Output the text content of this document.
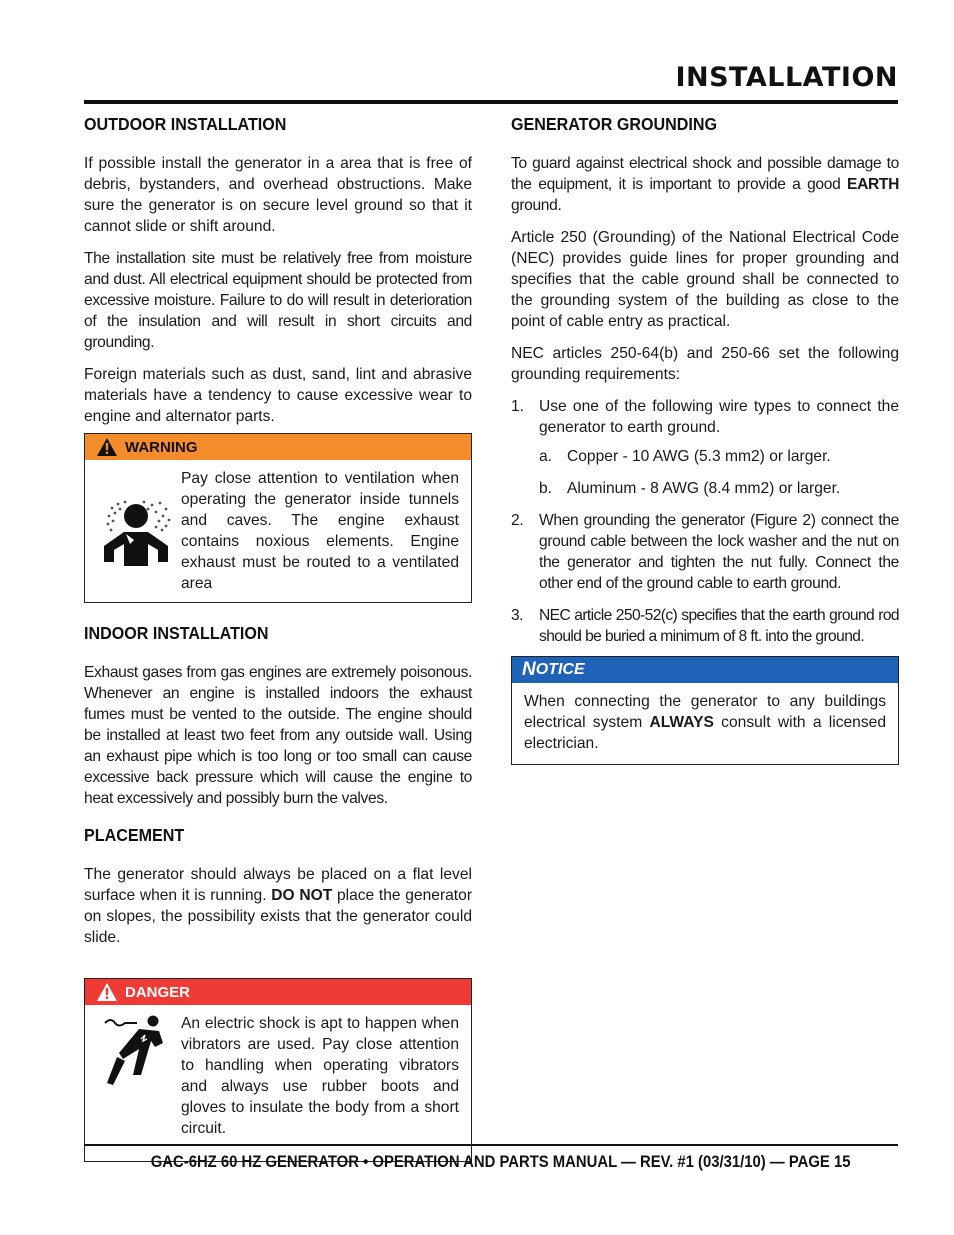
INSTALLATION
OUTDOOR INSTALLATION

If possible install the generator in a area that is free of debris, bystanders, and overhead obstructions. Make sure the generator is on secure level ground so that it cannot slide or shift around.

The installation site must be relatively free from moisture and dust. All electrical equipment should be protected from excessive moisture. Failure to do will result in deterioration of the insulation and will result in short circuits and grounding.

Foreign materials such as dust, sand, lint and abrasive materials have a tendency to cause excessive wear to engine and alternator parts.

WARNING
Pay close attention to ventilation when operating the generator inside tunnels and caves. The engine exhaust contains noxious elements. Engine exhaust must be routed to a ventilated area
INDOOR INSTALLATION

Exhaust gases from gas engines are extremely poisonous. Whenever an engine is installed indoors the exhaust fumes must be vented to the outside. The engine should be installed at least two feet from any outside wall. Using an exhaust pipe which is too long or too small can cause excessive back pressure which will cause the engine to heat excessively and possibly burn the valves.

PLACEMENT

The generator should always be placed on a flat level surface when it is running. DO NOT place the generator on slopes, the possibility exists that the generator could slide.

DANGER
An electric shock is apt to happen when vibrators are used. Pay close attention to handling when operating vibrators and always use rubber boots and gloves to insulate the body from a short circuit.
GENERATOR GROUNDING

To guard against electrical shock and possible damage to the equipment, it is important to provide a good EARTH ground.

Article 250 (Grounding) of the National Electrical Code (NEC) provides guide lines for proper grounding and specifies that the cable ground shall be connected to the grounding system of the building as close to the point of cable entry as practical.

NEC articles 250-64(b) and 250-66 set the following grounding requirements:

1. Use one of the following wire types to connect the generator to earth ground.
a. Copper - 10 AWG (5.3 mm2) or larger.
b. Aluminum - 8 AWG (8.4 mm2) or larger.
2. When grounding the generator (Figure 2) connect the ground cable between the lock washer and the nut on the generator and tighten the nut fully. Connect the other end of the ground cable to earth ground.
3. NEC article 250-52(c) specifies that the earth ground rod should be buried a minimum of 8 ft. into the ground.
N OTICE
When connecting the generator to any buildings electrical system ALWAYS consult with a licensed electrician.
GAC-6HZ 60 HZ GENERATOR • OPERATION AND PARTS MANUAL — REV. #1 (03/31/10) — PAGE 15
